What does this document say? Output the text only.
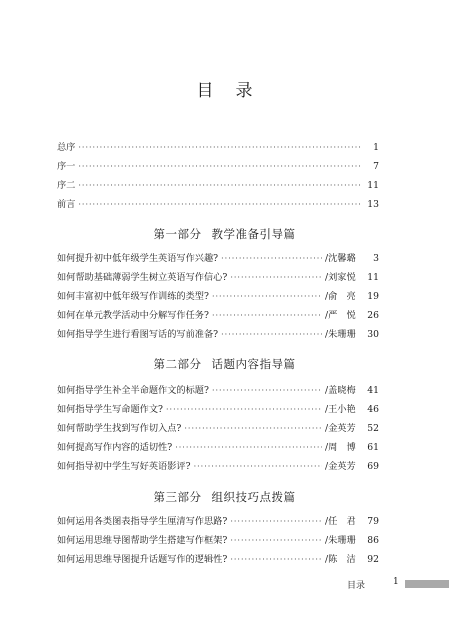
目录
总序 ·····	1
序一 ·····	7
序二 ·····	11
前言 ·····	13
第一部分 教学准备引导篇
如何提升初中低年级学生英语写作兴趣? ·····	/沈馨璐	3
如何帮助基础薄弱学生树立英语写作信心? ·····	/刘家悦	11
如何丰富初中低年级写作训练的类型? ·····	/俞　亮	19
如何在单元教学活动中分解写作任务? ·····	/严　悦	26
如何指导学生进行看图写话的写前准备? ·····	/朱珊珊	30
第二部分 话题内容指导篇
如何指导学生补全半命题作文的标题? ·····	/盖晓梅	41
如何指导学生写命题作文? ·····	/王小艳	46
如何帮助学生找到写作切入点? ·····	/金英芳	52
如何提高写作内容的适切性? ·····	/周　博	61
如何指导初中学生写好英语影评? ·····	/金英芳	69
第三部分 组织技巧点拨篇
如何运用各类图表指导学生厘清写作思路? ·····	/任　君	79
如何运用思维导图帮助学生搭建写作框架? ·····	/朱珊珊	86
如何运用思维导图提升话题写作的逻辑性? ·····	/陈　洁	92
目录	1
